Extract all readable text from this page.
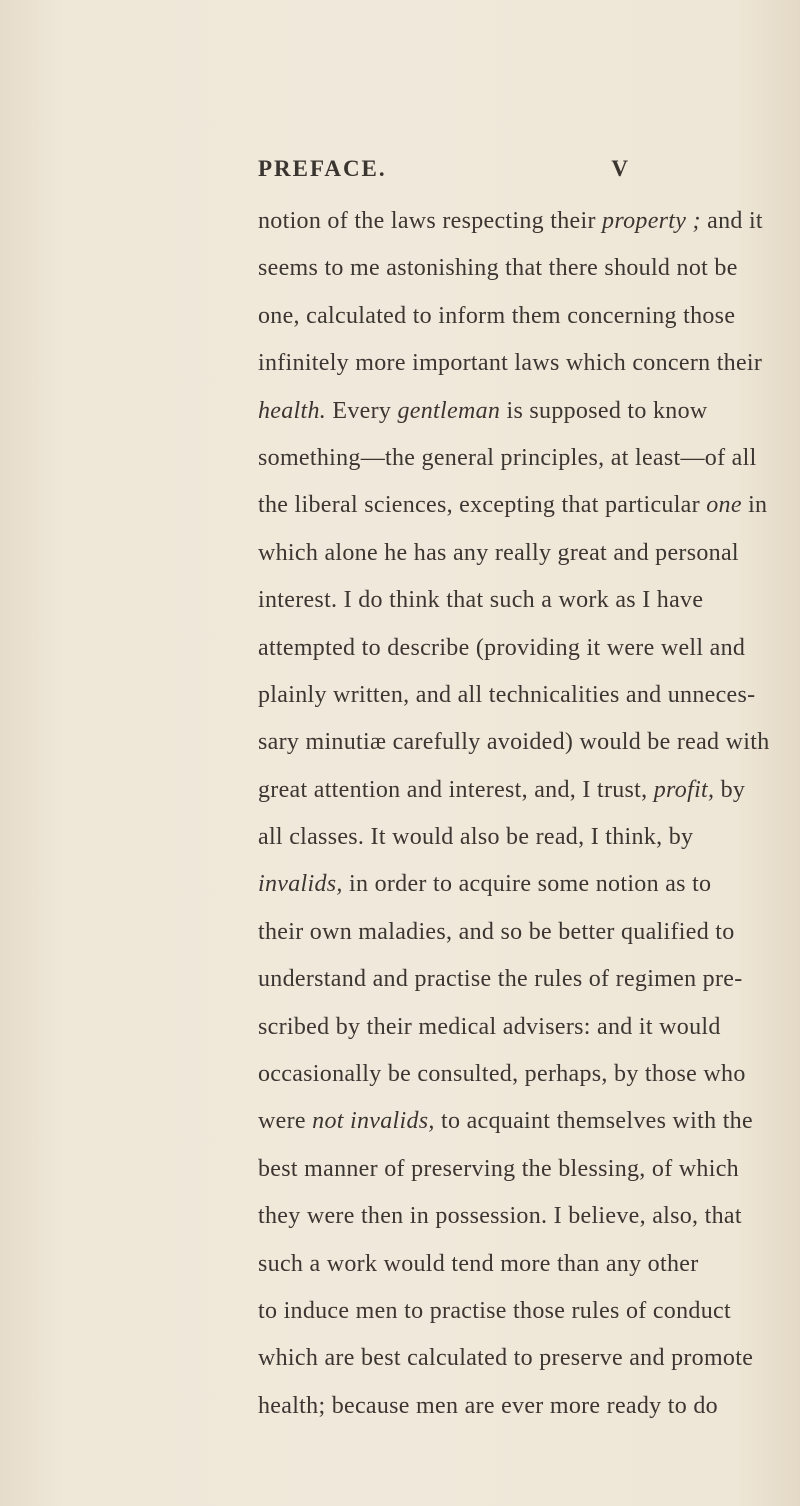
PREFACE.	V
notion of the laws respecting their property ; and it
seems to me astonishing that there should not be
one, calculated to inform them concerning those
infinitely more important laws which concern their
health. Every gentleman is supposed to know
something—the general principles, at least—of all
the liberal sciences, excepting that particular one in
which alone he has any really great and personal
interest. I do think that such a work as I have
attempted to describe (providing it were well and
plainly written, and all technicalities and unneces-
sary minutiæ carefully avoided) would be read with
great attention and interest, and, I trust, profit, by
all classes. It would also be read, I think, by
invalids, in order to acquire some notion as to
their own maladies, and so be better qualified to
understand and practise the rules of regimen pre-
scribed by their medical advisers: and it would
occasionally be consulted, perhaps, by those who
were not invalids, to acquaint themselves with the
best manner of preserving the blessing, of which
they were then in possession. I believe, also, that
such a work would tend more than any other
to induce men to practise those rules of conduct
which are best calculated to preserve and promote
health; because men are ever more ready to do
